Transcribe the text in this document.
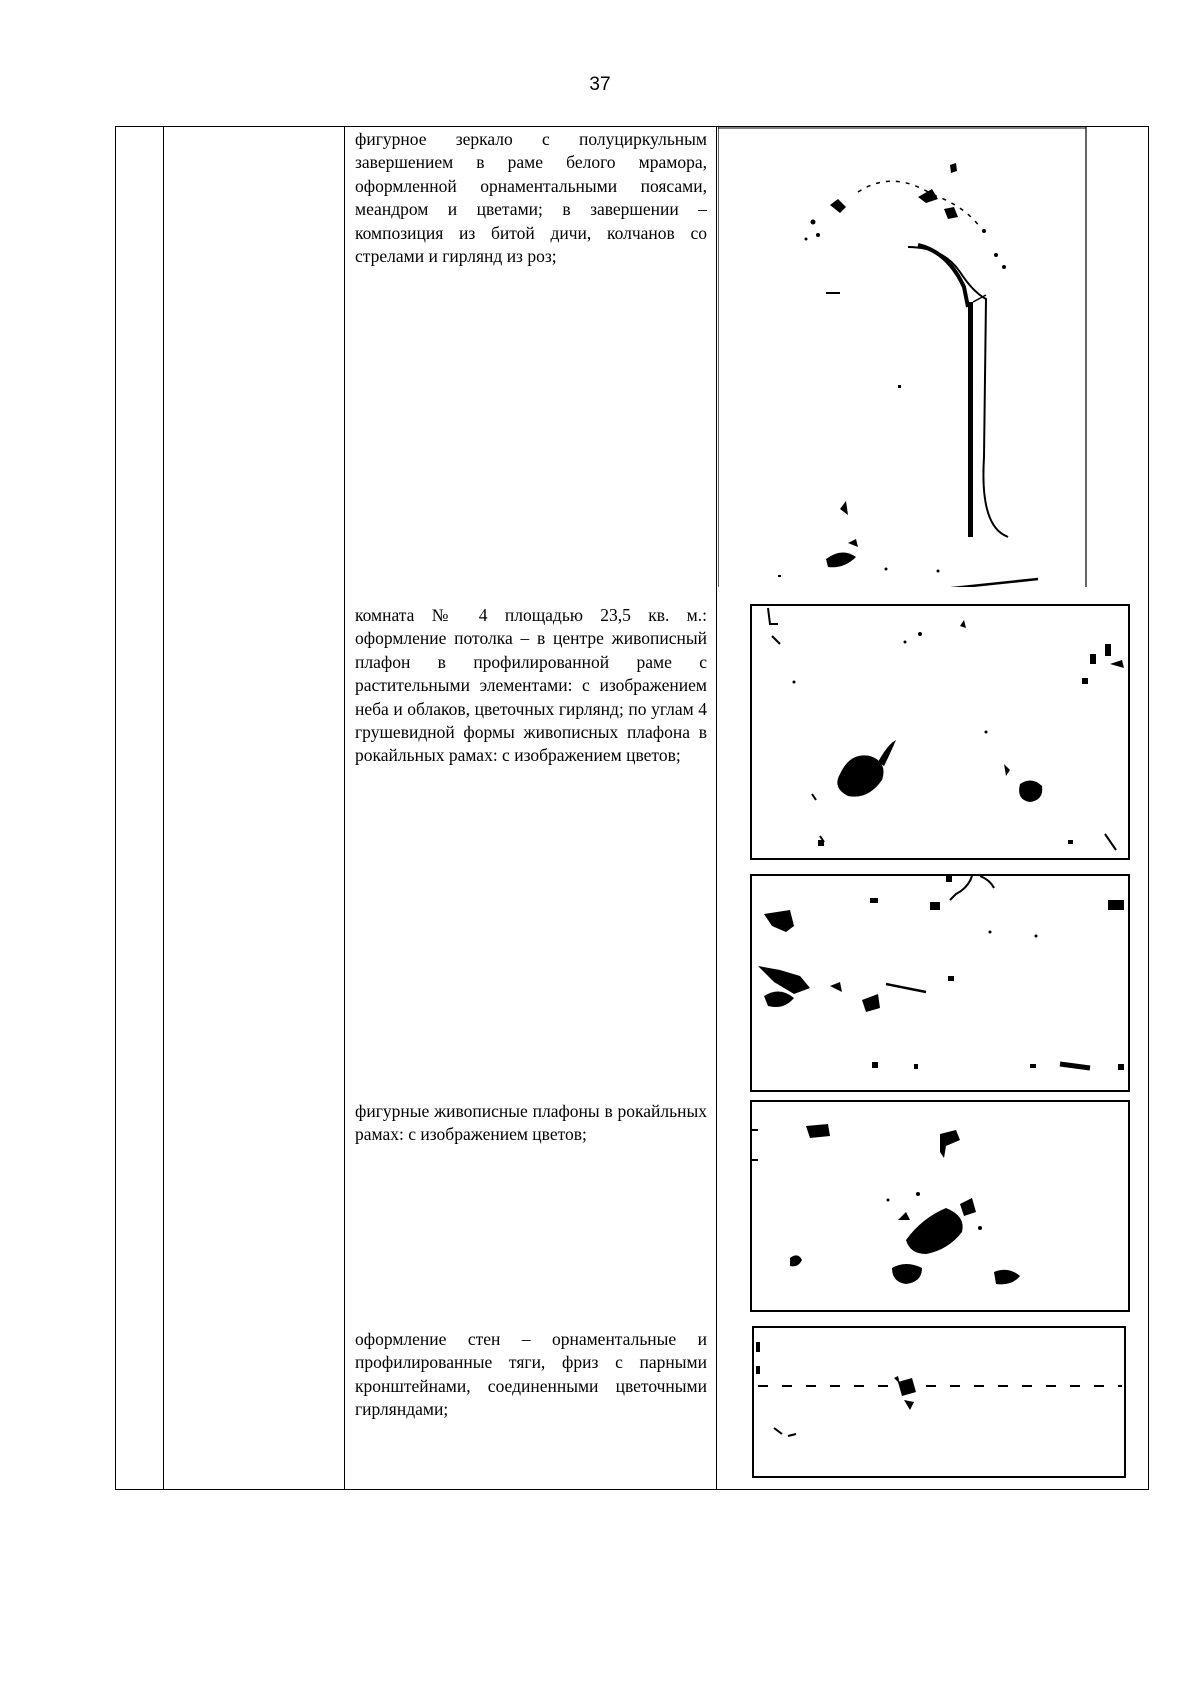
37
фигурное зеркало с полуциркульным завершением в раме белого мрамора, оформленной орнаментальными поясами, меандром и цветами; в завершении – композиция из битой дичи, колчанов со стрелами и гирлянд из роз;
комната № 4 площадью 23,5 кв. м.: оформление потолка – в центре живописный плафон в профилированной раме с растительными элементами: с изображением неба и облаков, цветочных гирлянд; по углам 4 грушевидной формы живописных плафона в рокайльных рамах: с изображением цветов;
фигурные живописные плафоны в рокайльных рамах: с изображением цветов;
оформление стен – орнаментальные и профилированные тяги, фриз с парными кронштейнами, соединенными цветочными гирляндами;
